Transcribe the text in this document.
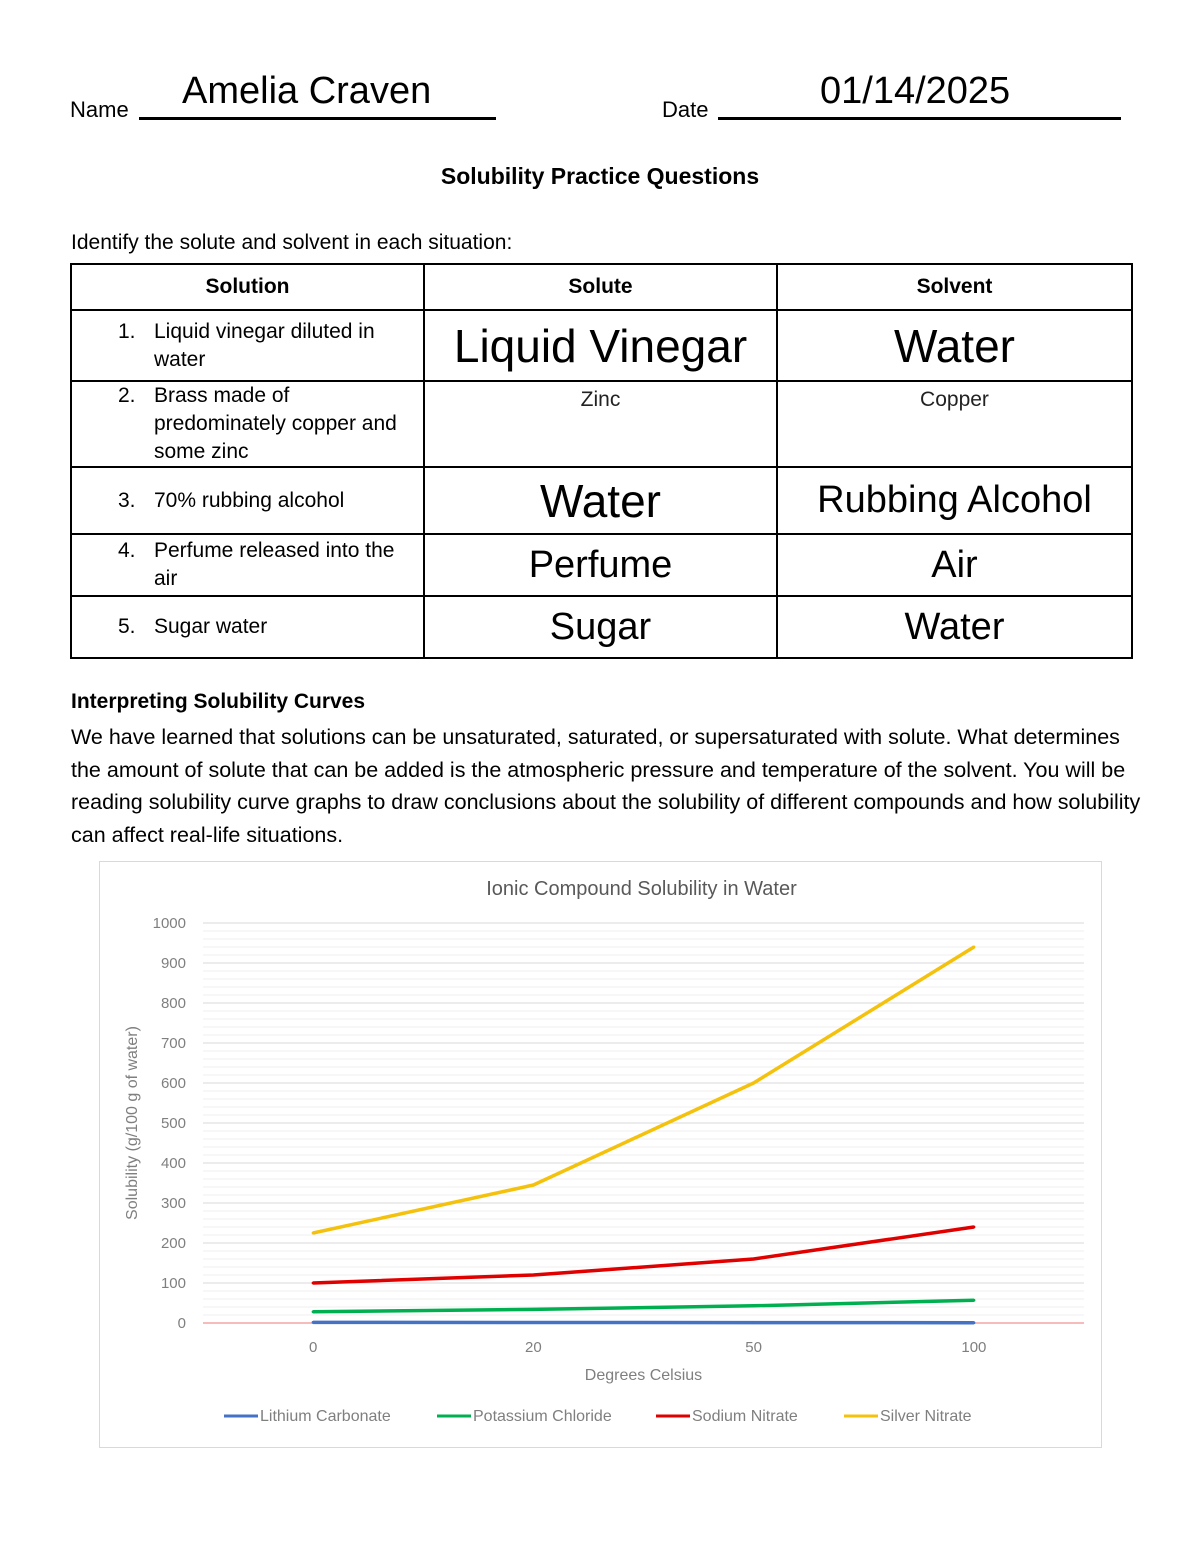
Name Amelia Craven	Date	01/14/2025
Solubility Practice Questions
Identify the solute and solvent in each situation:
Solution	Solute	Solvent

1. Liquid vinegar diluted in water	Liquid Vinegar	Water

2. Brass made of predominately copper and some zinc	Zinc	Copper

3. 70% rubbing alcohol	Water	Rubbing Alcohol

4. Perfume released into the air	Perfume	Air

5. Sugar water	Sugar	Water
Interpreting Solubility Curves
We have learned that solutions can be unsaturated, saturated, or supersaturated with solute. What determines the amount of solute that can be added is the atmospheric pressure and temperature of the solvent. You will be reading solubility curve graphs to draw conclusions about the solubility of different compounds and how solubility can affect real-life situations.
Ionic Compound Solubility in Water
0
100
200
300
400
500
600
700
800
900
1000
0	20	50	100
Degrees Celsius
Solubility (g/100 g of water)
Lithium Carbonate	Potassium Chloride	Sodium Nitrate	Silver Nitrate
